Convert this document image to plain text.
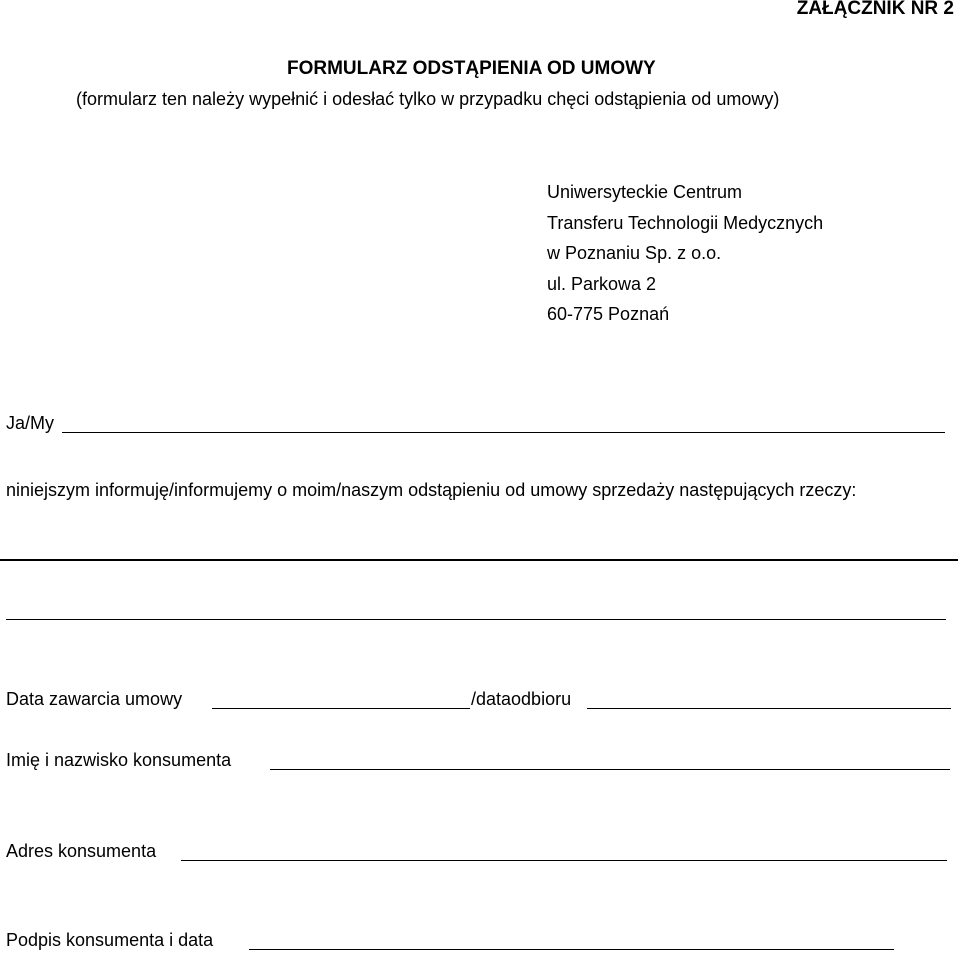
ZAŁĄCZNIK NR 2
FORMULARZ ODSTĄPIENIA OD UMOWY
(formularz ten należy wypełnić i odesłać tylko w przypadku chęci odstąpienia od umowy)
Uniwersyteckie Centrum
Transferu Technologii Medycznych
w Poznaniu Sp. z o.o.
ul. Parkowa 2
60-775 Poznań
Ja/My
niniejszym informuję/informujemy o moim/naszym odstąpieniu od umowy sprzedaży następujących rzeczy:
Data zawarcia umowy	/dataodbioru
Imię i nazwisko konsumenta
Adres konsumenta
Podpis konsumenta i data
